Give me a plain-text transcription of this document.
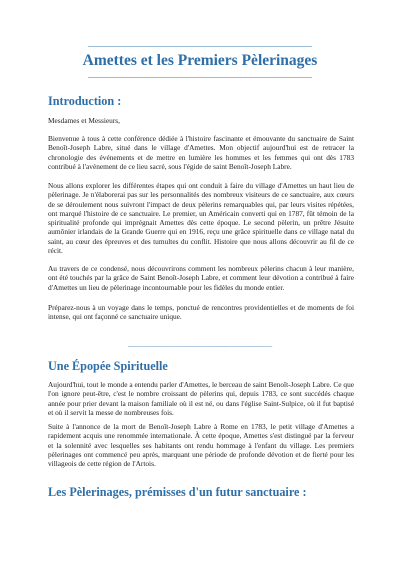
Amettes et les Premiers Pèlerinages
Introduction :
Mesdames et Messieurs,
Bienvenue à tous à cette conférence dédiée à l'histoire fascinante et émouvante du sanctuaire de Saint Benoît-Joseph Labre, situé dans le village d'Amettes. Mon objectif aujourd'hui est de retracer la chronologie des événements et de mettre en lumière les hommes et les femmes qui ont dès 1783 contribué à l'avènement de ce lieu sacré, sous l'égide de saint Benoît-Joseph Labre.
Nous allons explorer les différentes étapes qui ont conduit à faire du village d'Amettes un haut lieu de pèlerinage. Je n'élaborerai pas sur les personnalités des nombreux visiteurs de ce sanctuaire, aux cœurs de se déroulement nous suivront l'impact de deux pèlerins remarquables qui, par leurs visites répétées, ont marqué l'histoire de ce sanctuaire. Le premier, un Américain converti qui en 1787, fût témoin de la spiritualité profonde qui imprégnait Amettes dès cette époque. Le second pèlerin, un prêtre Jésuite aumônier irlandais de la Grande Guerre qui en 1916, reçu une grâce spirituelle dans ce village natal du saint, au cœur des épreuves et des tumultes du conflit. Histoire que nous allons découvrir au fil de ce récit.
Au travers de ce condensé, nous découvrirons comment les nombreux pèlerins chacun à leur manière, ont été touchés par la grâce de Saint Benoît-Joseph Labre, et comment leur dévotion a contribué à faire d'Amettes un lieu de pèlerinage incontournable pour les fidèles du monde entier.
Préparez-nous à un voyage dans le temps, ponctué de rencontres providentielles et de moments de foi intense, qui ont façonné ce sanctuaire unique.
-----------------------------------------------------------------------
Une Épopée Spirituelle
Aujourd'hui, tout le monde a entendu parler d'Amettes, le berceau de saint Benoît-Joseph Labre. Ce que l'on ignore peut-être, c'est le nombre croissant de pèlerins qui, depuis 1783, ce sont succédés chaque année pour prier devant la maison familiale où il est né, ou dans l'église Saint-Sulpice, où il fut baptisé et où il servit la messe de nombreuses fois.
Suite à l'annonce de la mort de Benoît-Joseph Labre à Rome en 1783, le petit village d'Amettes a rapidement acquis une renommée internationale. À cette époque, Amettes s'est distingué par la ferveur et la solennité avec lesquelles ses habitants ont rendu hommage à l'enfant du village. Les premiers pèlerinages ont commencé peu après, marquant une période de profonde dévotion et de fierté pour les villageois de cette région de l'Artois.
Les Pèlerinages, prémisses d'un futur sanctuaire :
